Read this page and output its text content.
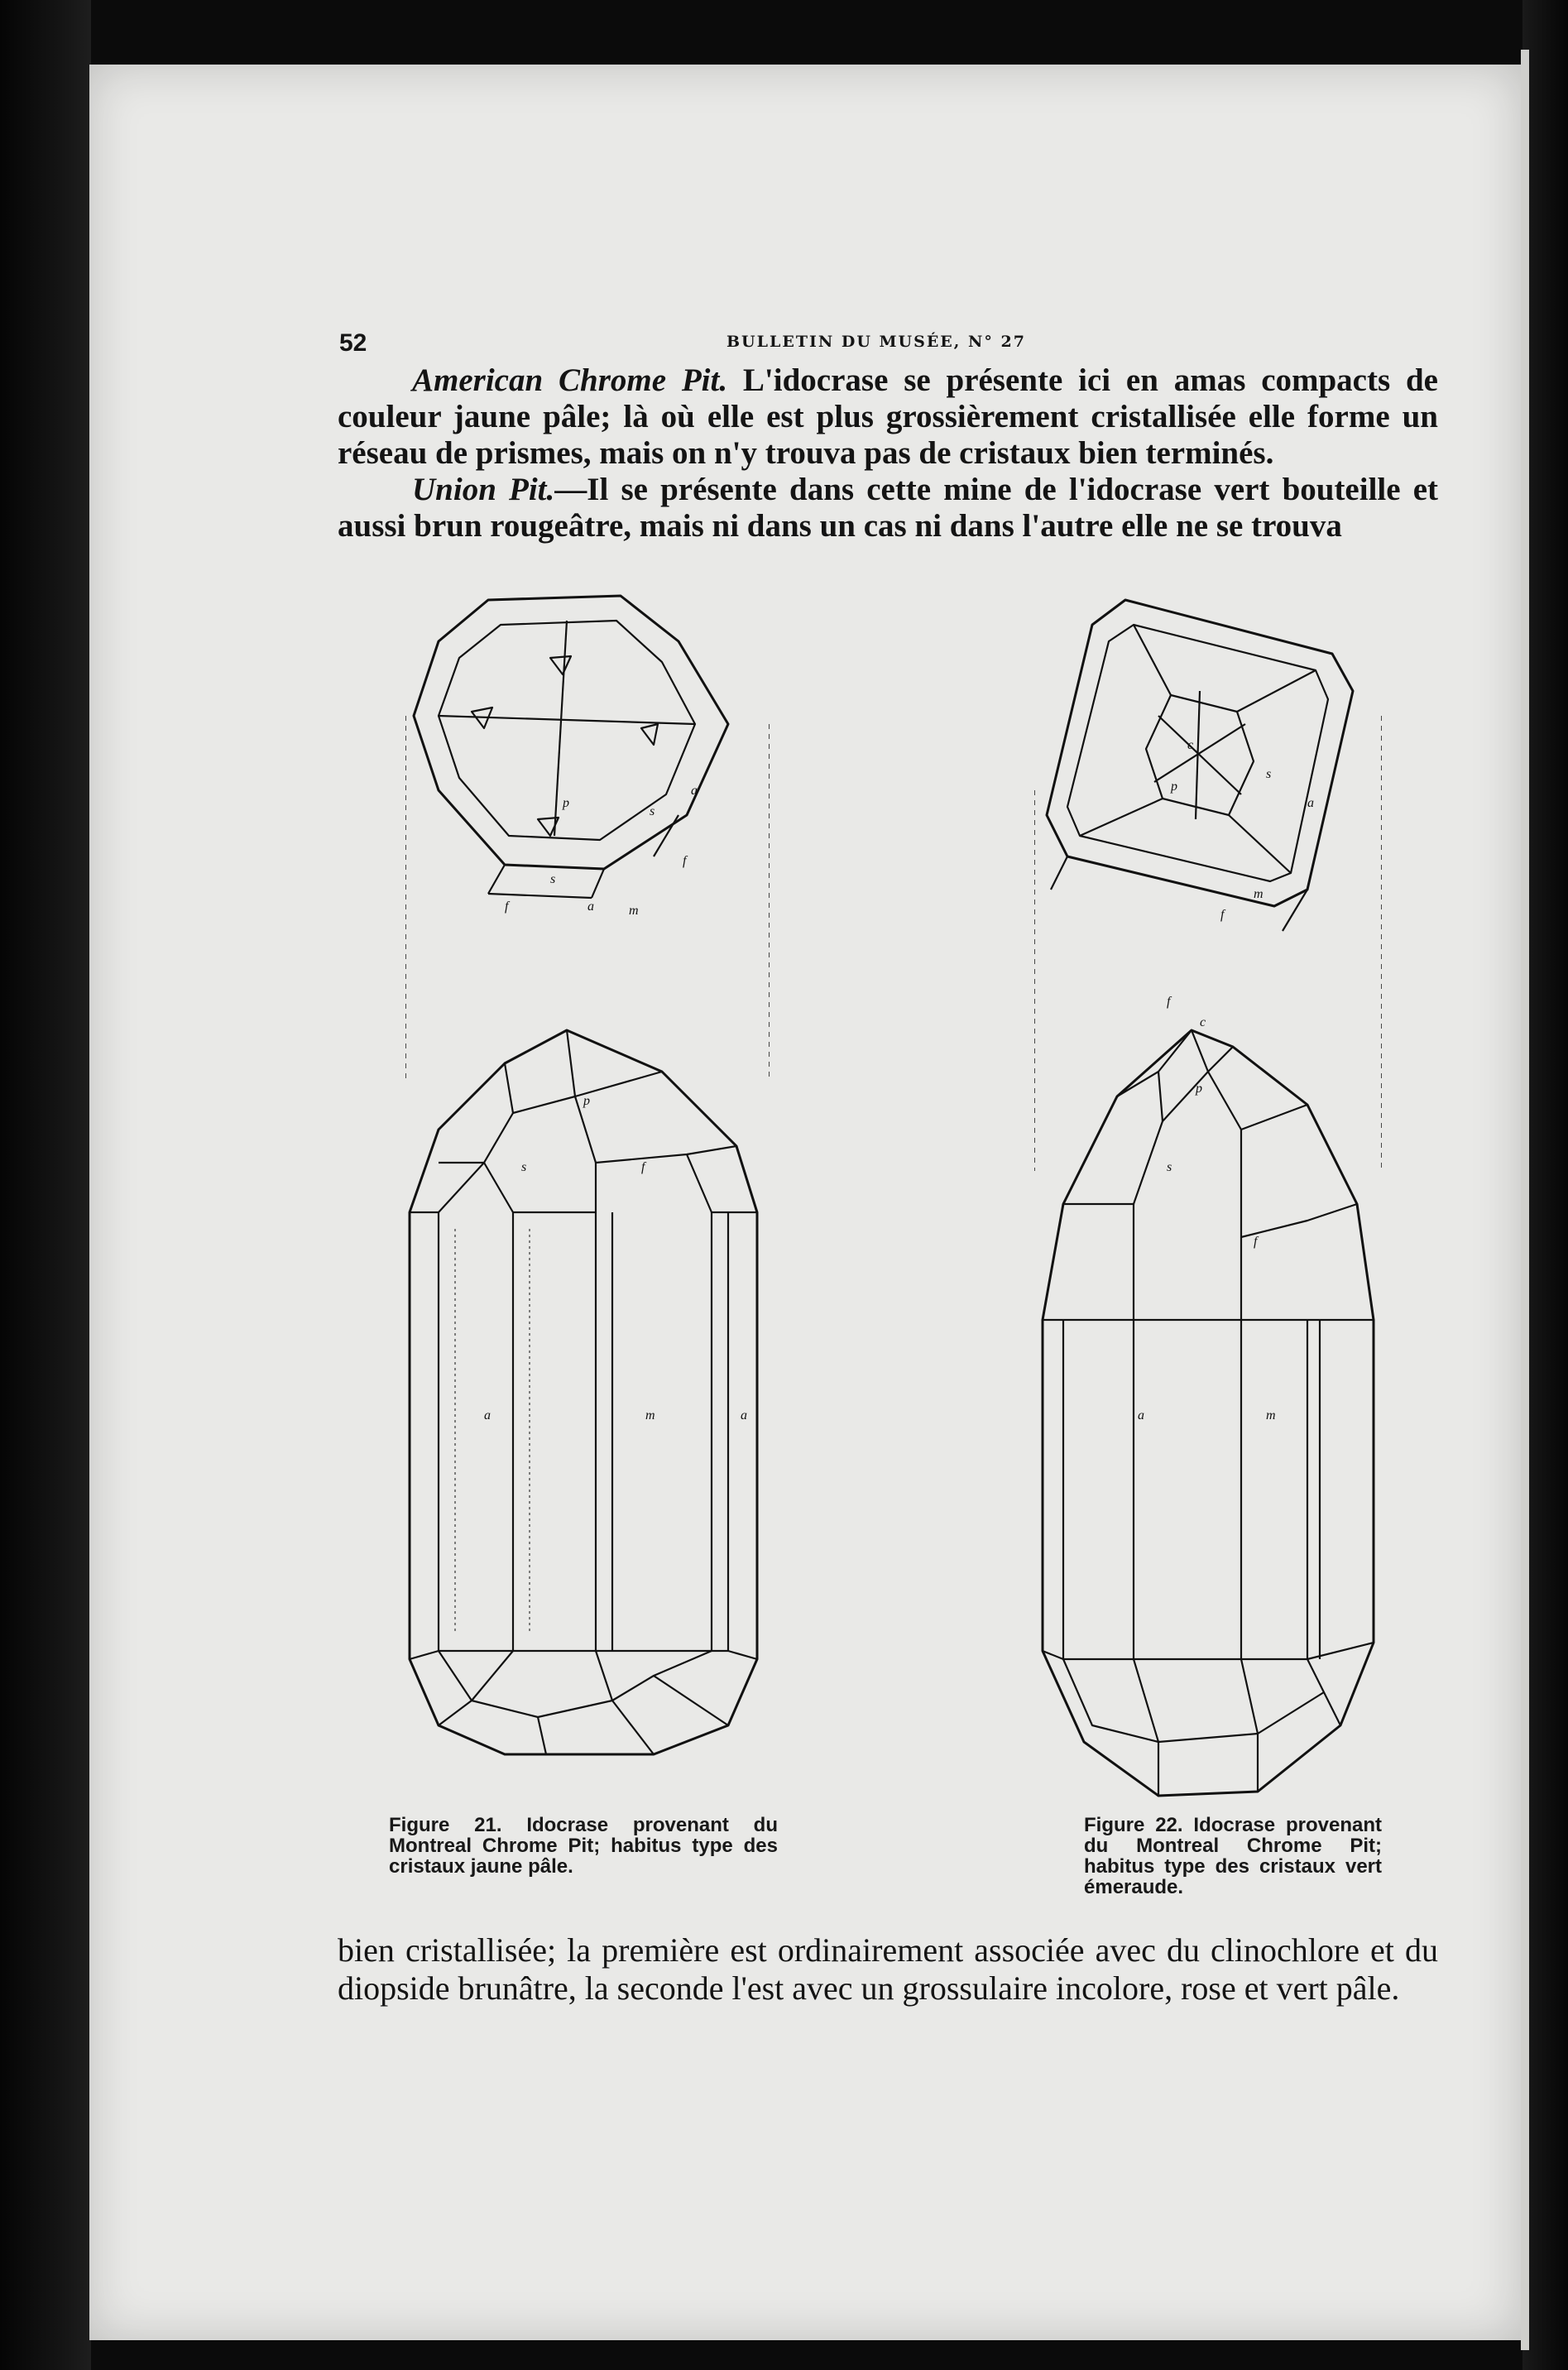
52	BULLETIN DU MUSÉE, N° 27

American Chrome Pit. L'idocrase se présente ici en amas compacts de couleur jaune pâle; là où elle est plus grossièrement cristallisée elle forme un réseau de prismes, mais on n'y trouva pas de cristaux bien terminés.

Union Pit.—Il se présente dans cette mine de l'idocrase vert bouteille et aussi brun rougeâtre, mais ni dans un cas ni dans l'autre elle ne se trouva

p
s
a
f
s
m
a
f
p
s	f
a	m	a
c
p
s
a
f
m
f
c
p
s
f
a	m
Figure 21. Idocrase provenant du Montreal Chrome Pit; habitus type des cristaux jaune pâle.
Figure 22. Idocrase provenant du Montreal Chrome Pit; habitus type des cristaux vert émeraude.

bien cristallisée; la première est ordinairement associée avec du clinochlore et du diopside brunâtre, la seconde l'est avec un grossulaire incolore, rose et vert pâle.
